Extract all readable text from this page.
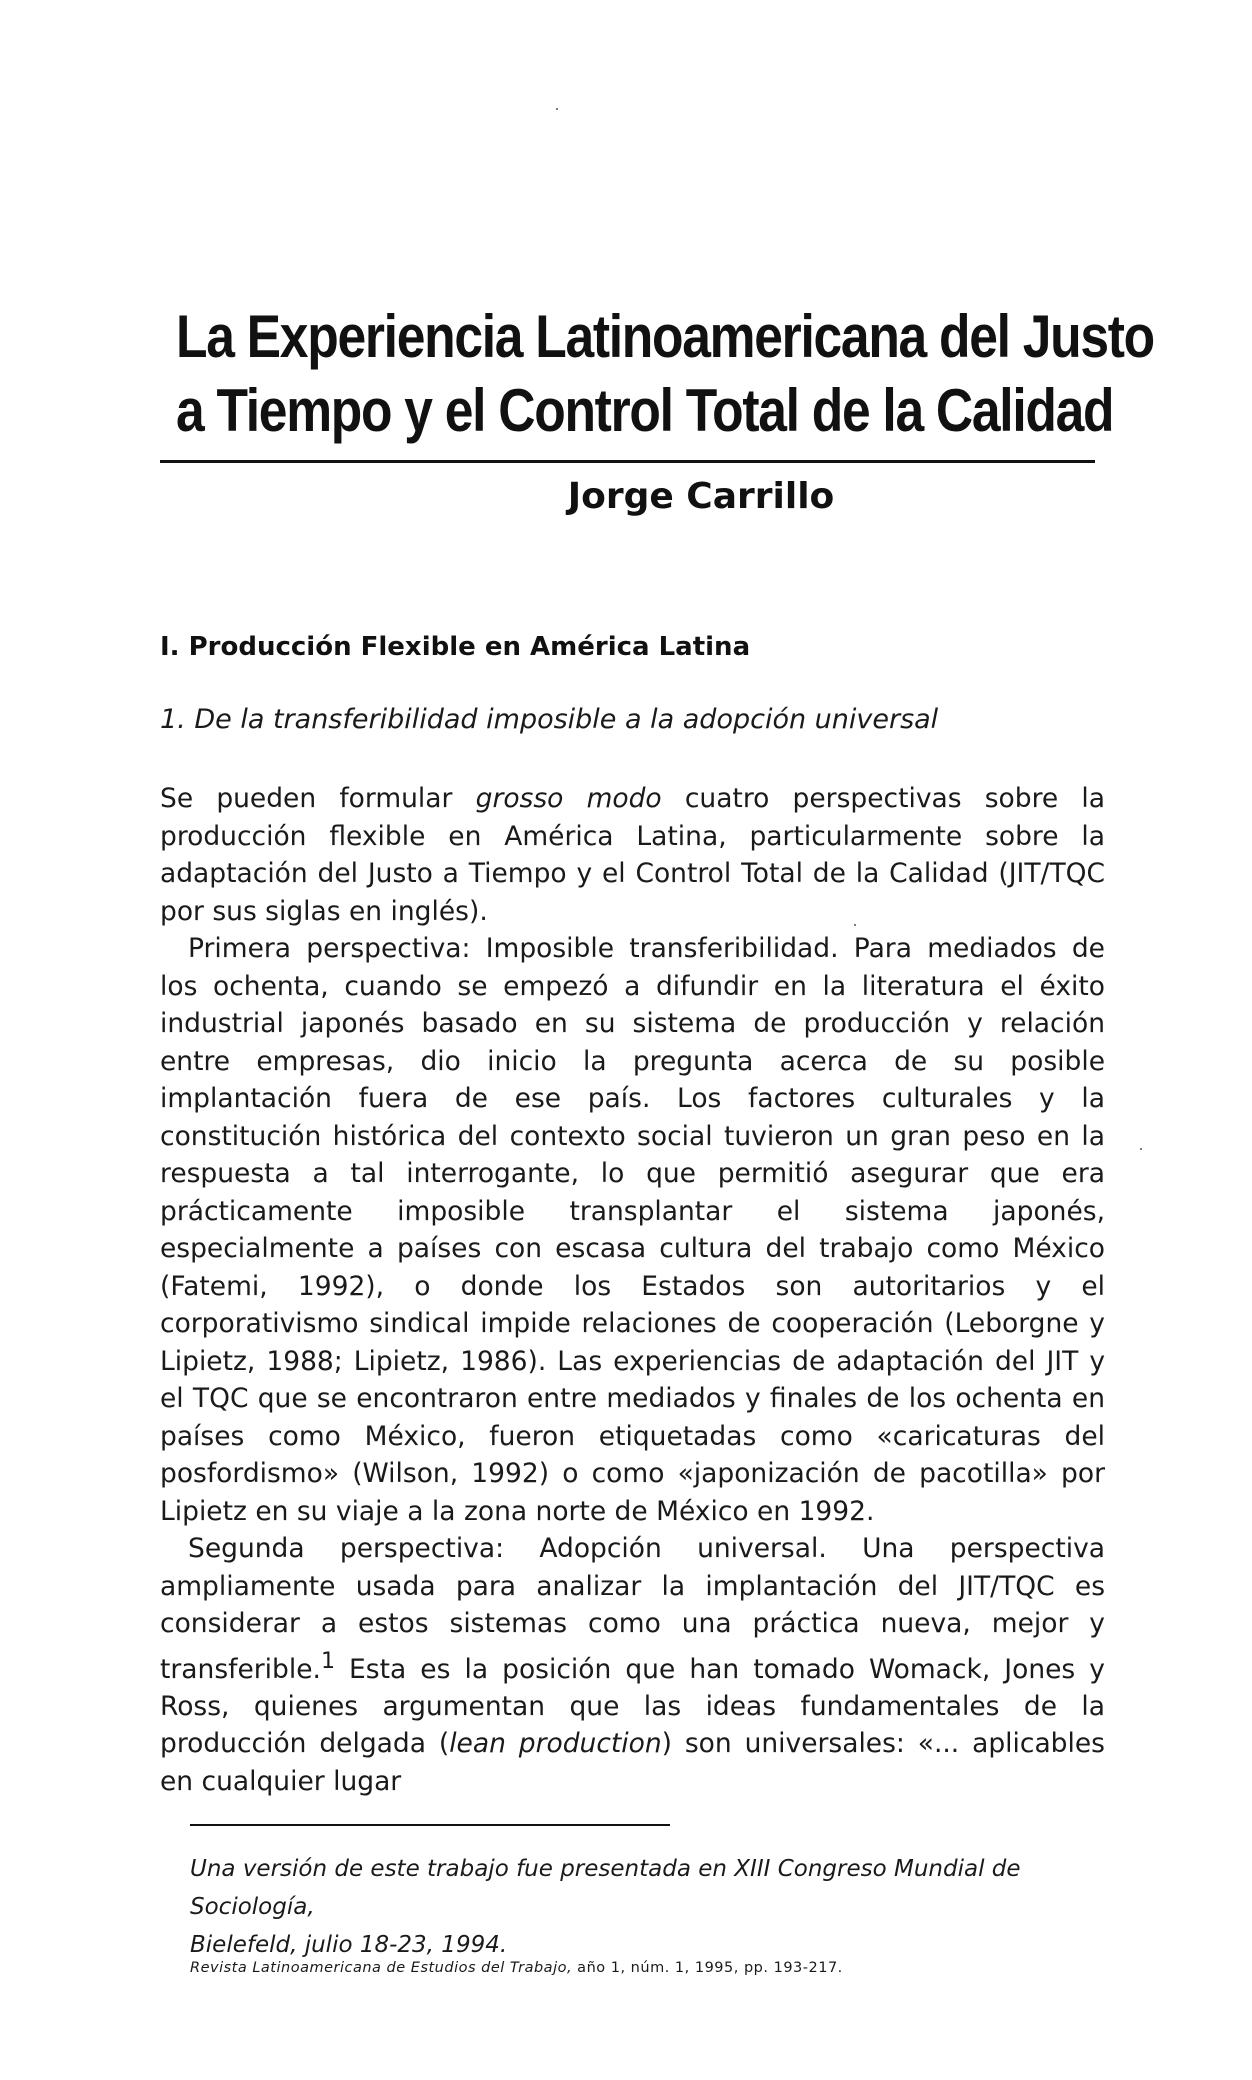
La Experiencia Latinoamericana del Justo
a Tiempo y el Control Total de la Calidad
Jorge Carrillo
I. Producción Flexible en América Latina
1. De la transferibilidad imposible a la adopción universal

Se pueden formular grosso modo cuatro perspectivas sobre la producción flexible en América Latina, particularmente sobre la adaptación del Justo a Tiempo y el Control Total de la Calidad (JIT/TQC por sus siglas en inglés).

Primera perspectiva: Imposible transferibilidad. Para mediados de los ochenta, cuando se empezó a difundir en la literatura el éxito industrial japonés basado en su sistema de producción y relación entre empresas, dio inicio la pregunta acerca de su posible implantación fuera de ese país. Los factores culturales y la constitución histórica del contexto social tuvieron un gran peso en la respuesta a tal interrogante, lo que permitió asegurar que era prácticamente imposible transplantar el sistema japonés, especialmente a países con escasa cultura del trabajo como México (Fatemi, 1992), o donde los Estados son autoritarios y el corporativismo sindical impide relaciones de cooperación (Leborgne y Lipietz, 1988; Lipietz, 1986). Las experiencias de adaptación del JIT y el TQC que se encontraron entre mediados y finales de los ochenta en países como México, fueron etiquetadas como «caricaturas del posfordismo» (Wilson, 1992) o como «japonización de pacotilla» por Lipietz en su viaje a la zona norte de México en 1992.

Segunda perspectiva: Adopción universal. Una perspectiva ampliamente usada para analizar la implantación del JIT/TQC es considerar a estos sistemas como una práctica nueva, mejor y transferible.$^1$ Esta es la posición que han tomado Womack, Jones y Ross, quienes argumentan que las ideas fundamentales de la producción delgada (lean production) son universales: «... aplicables en cualquier lugar

Una versión de este trabajo fue presentada en XIII Congreso Mundial de Sociología,
Bielefeld, julio 18-23, 1994.
Revista Latinoamericana de Estudios del Trabajo, año 1, núm. 1, 1995, pp. 193-217.
